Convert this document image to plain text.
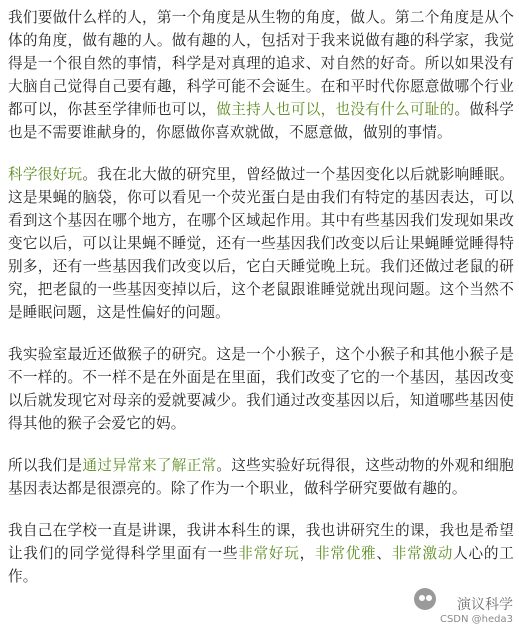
我们要做什么样的人，第一个角度是从生物的角度，做人。第二个角度是从个体的角度，做有趣的人。做有趣的人，包括对于我来说做有趣的科学家，我觉得是一个很自然的事情，科学是对真理的追求、对自然的好奇。所以如果没有大脑自己觉得自己要有趣，科学可能不会诞生。在和平时代你愿意做哪个行业都可以，你甚至学律师也可以，做主持人也可以，也没有什么可耻的。做科学也是不需要谁献身的，你愿做你喜欢就做，不愿意做，做别的事情。

科学很好玩。我在北大做的研究里，曾经做过一个基因变化以后就影响睡眠。这是果蝇的脑袋，你可以看见一个荧光蛋白是由我们有特定的基因表达，可以看到这个基因在哪个地方，在哪个区域起作用。其中有些基因我们发现如果改变它以后，可以让果蝇不睡觉，还有一些基因我们改变以后让果蝇睡觉睡得特别多，还有一些基因我们改变以后，它白天睡觉晚上玩。我们还做过老鼠的研究，把老鼠的一些基因变掉以后，这个老鼠跟谁睡觉就出现问题。这个当然不是睡眠问题，这是性偏好的问题。

我实验室最近还做猴子的研究。这是一个小猴子，这个小猴子和其他小猴子是不一样的。不一样不是在外面是在里面，我们改变了它的一个基因，基因改变以后就发现它对母亲的爱就要减少。我们通过改变基因以后，知道哪些基因使得其他的猴子会爱它的妈。

所以我们是通过异常来了解正常。这些实验好玩得很，这些动物的外观和细胞基因表达都是很漂亮的。除了作为一个职业，做科学研究要做有趣的。

我自己在学校一直是讲课，我讲本科生的课，我也讲研究生的课，我也是希望让我们的同学觉得科学里面有一些非常好玩，非常优雅、非常激动人心的工作。

演议科学
CSDN @heda3
